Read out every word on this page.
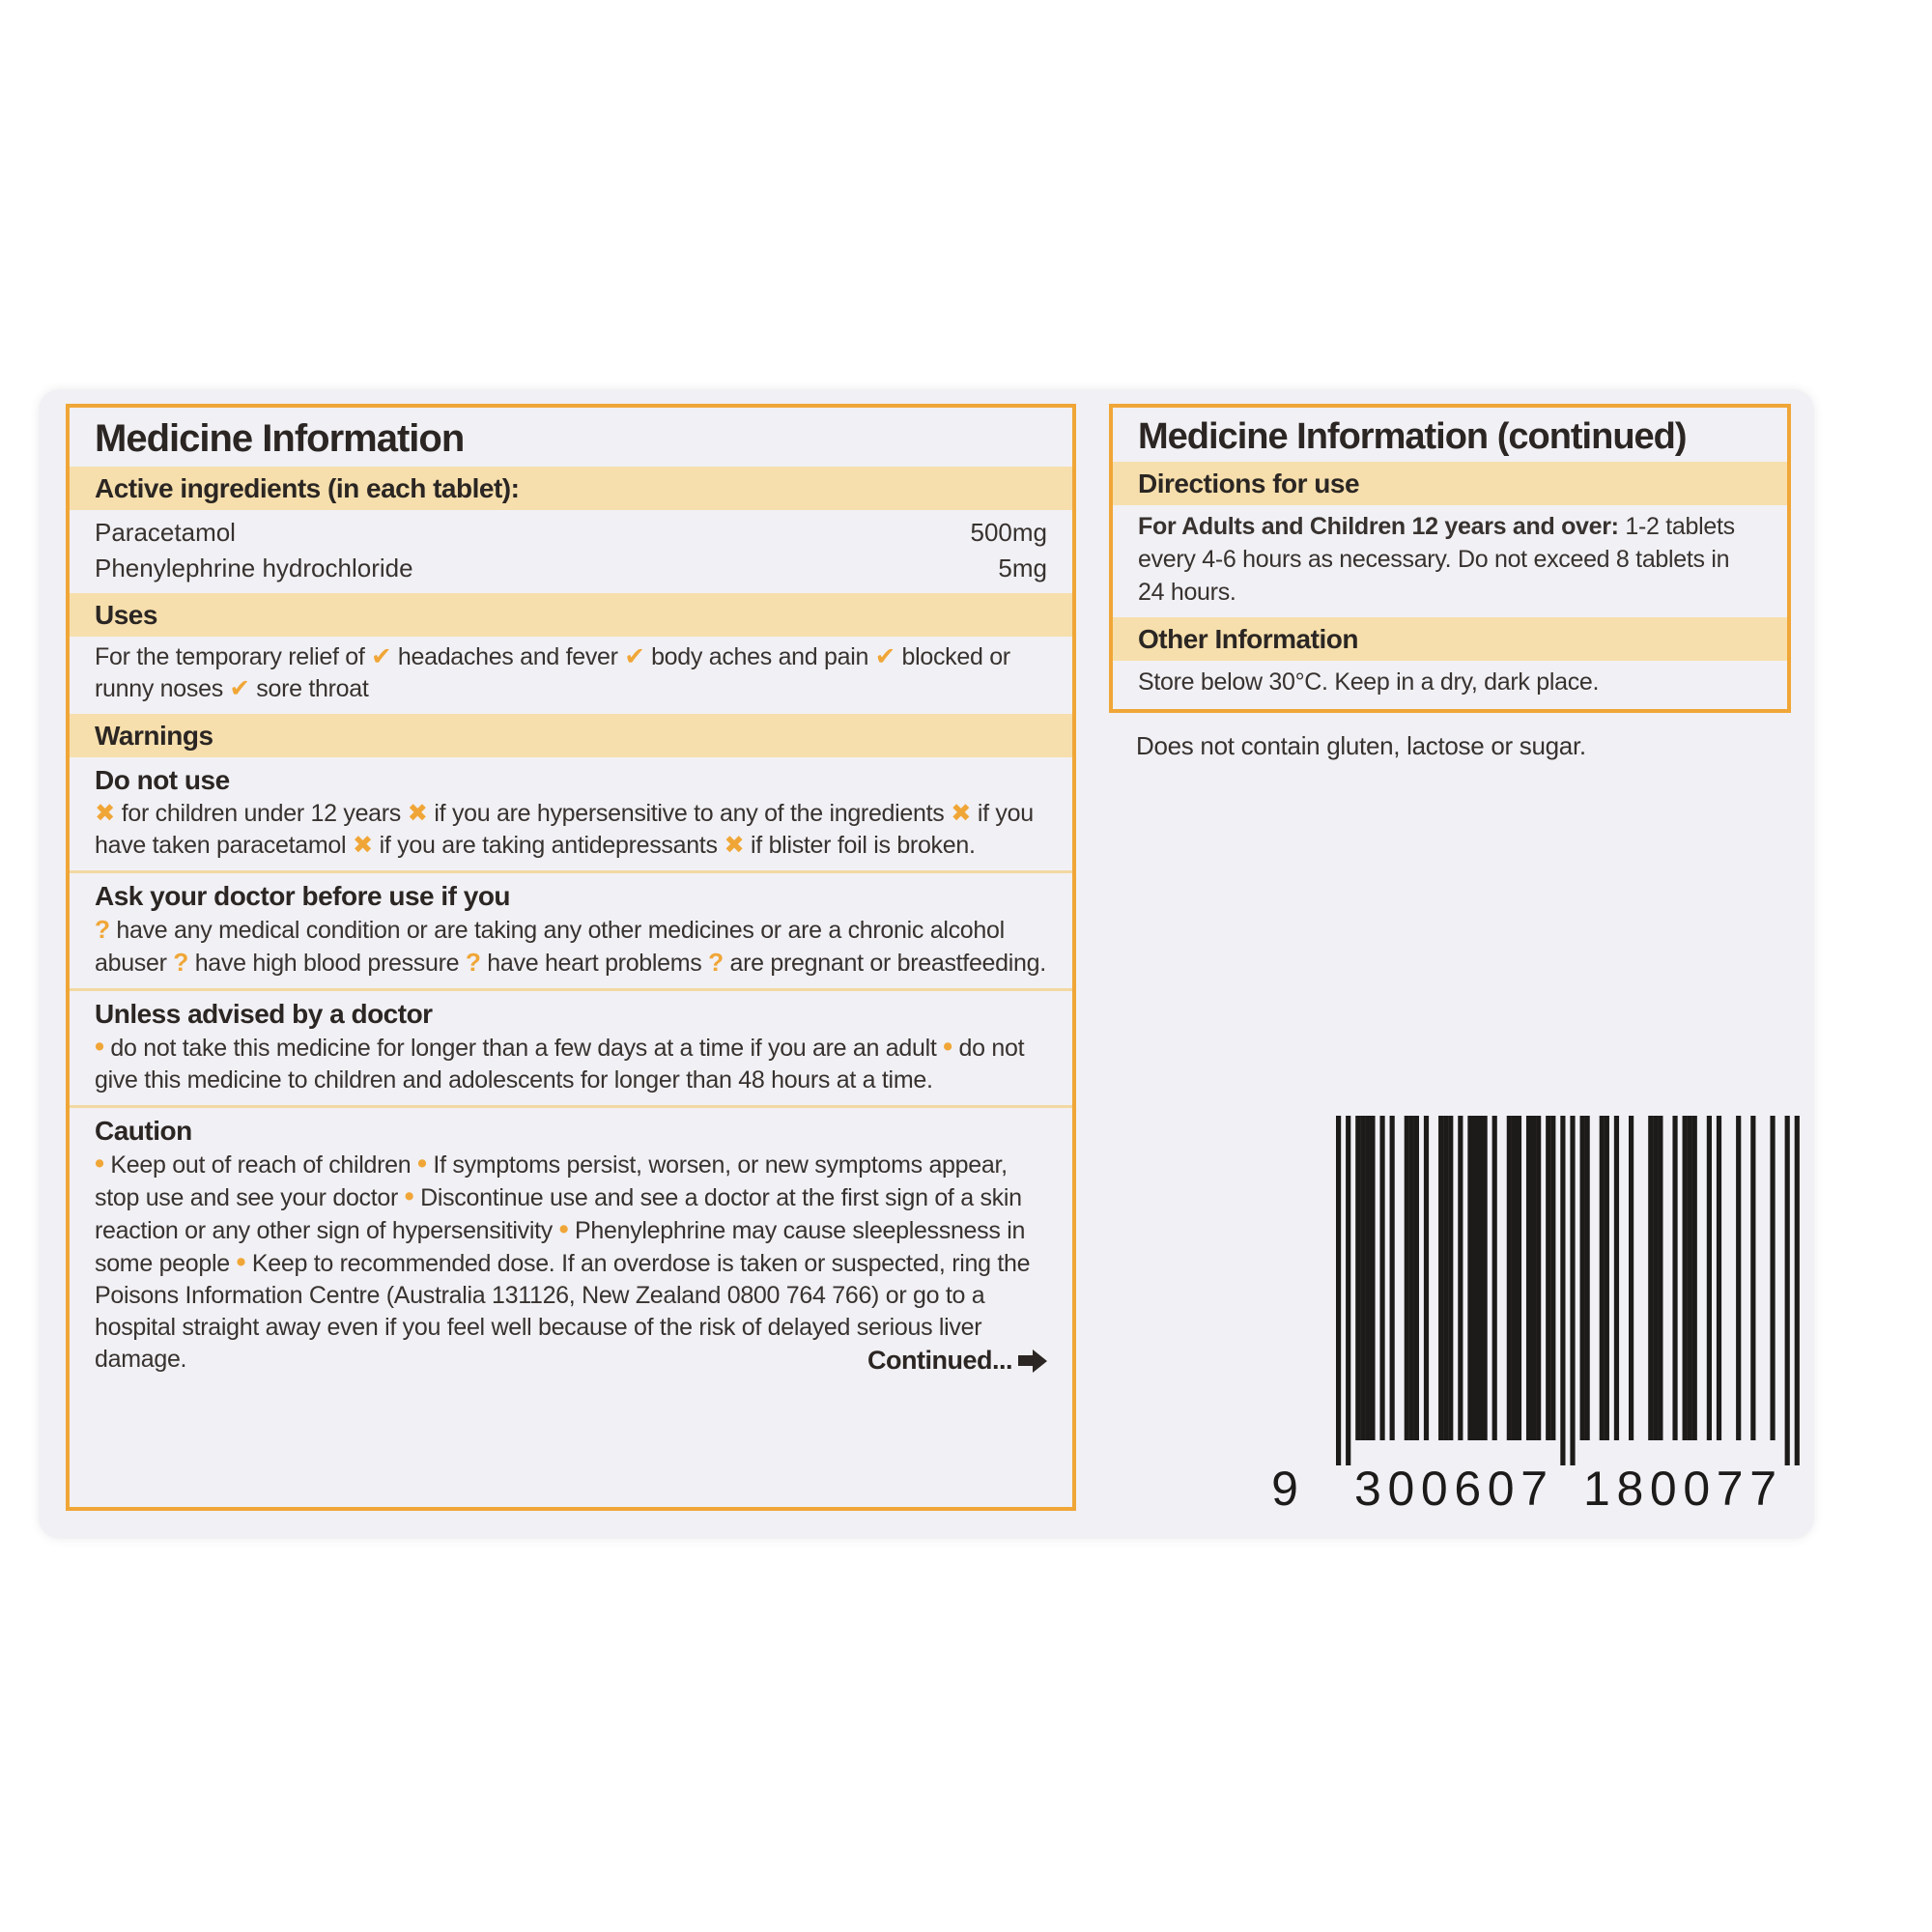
Medicine Information
Active ingredients (in each tablet):
Paracetamol	500mg
Phenylephrine hydrochloride	5mg
Uses
For the temporary relief of ✔ headaches and fever ✔ body aches and pain ✔ blocked or runny noses ✔ sore throat
Warnings
Do not use
✖ for children under 12 years ✖ if you are hypersensitive to any of the ingredients ✖ if you have taken paracetamol ✖ if you are taking antidepressants ✖ if blister foil is broken.
Ask your doctor before use if you
? have any medical condition or are taking any other medicines or are a chronic alcohol abuser ? have high blood pressure ? have heart problems ? are pregnant or breastfeeding.
Unless advised by a doctor
• do not take this medicine for longer than a few days at a time if you are an adult • do not give this medicine to children and adolescents for longer than 48 hours at a time.
Caution
• Keep out of reach of children • If symptoms persist, worsen, or new symptoms appear, stop use and see your doctor • Discontinue use and see a doctor at the first sign of a skin reaction or any other sign of hypersensitivity • Phenylephrine may cause sleeplessness in some people • Keep to recommended dose. If an overdose is taken or suspected, ring the Poisons Information Centre (Australia 131126, New Zealand 0800 764 766) or go to a hospital straight away even if you feel well because of the risk of delayed serious liver damage.	Continued...
Medicine Information (continued)
Directions for use
For Adults and Children 12 years and over: 1-2 tablets every 4-6 hours as necessary. Do not exceed 8 tablets in 24 hours.
Other Information
Store below 30°C. Keep in a dry, dark place.
Does not contain gluten, lactose or sugar.
9 300607 180077
